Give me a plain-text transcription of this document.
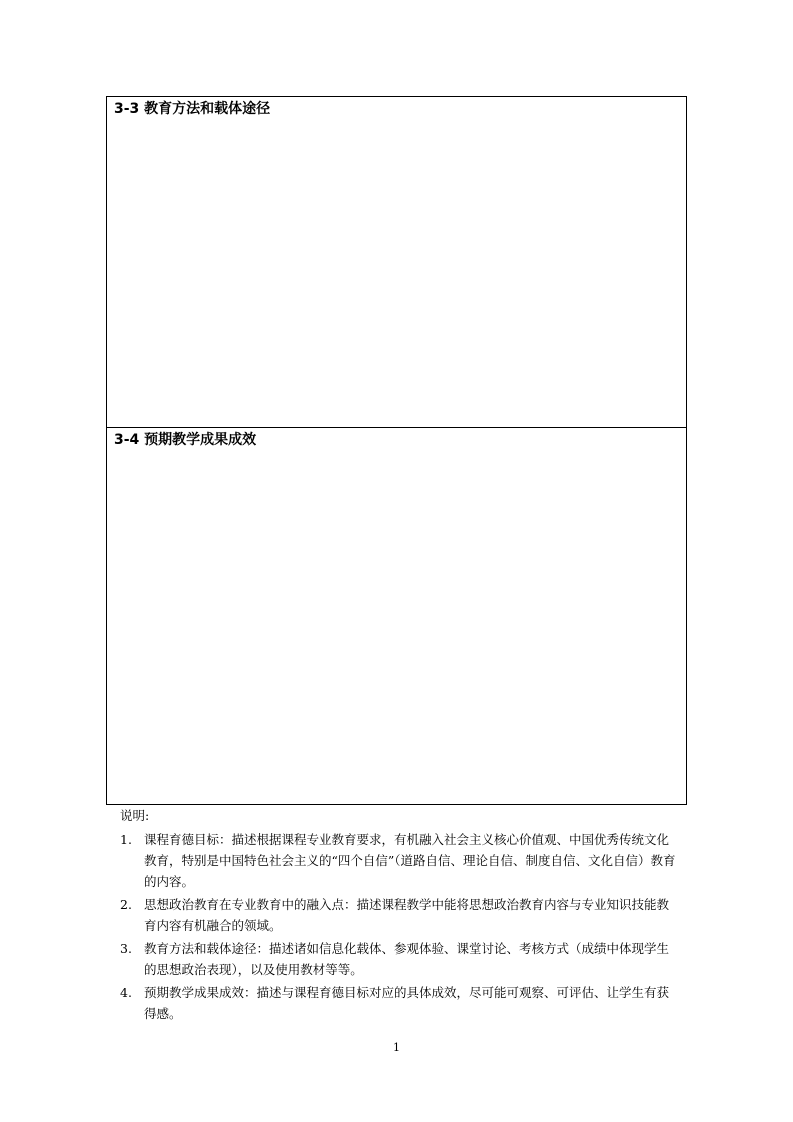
3-3 教育方法和载体途径

3-4 预期教学成果成效

说明:

1. 课程育德目标：描述根据课程专业教育要求，有机融入社会主义核心价值观、中国优秀传统文化教育，特别是中国特色社会主义的“四个自信”（道路自信、理论自信、制度自信、文化自信）教育的内容。
2. 思想政治教育在专业教育中的融入点：描述课程教学中能将思想政治教育内容与专业知识技能教育内容有机融合的领域。
3. 教育方法和载体途径：描述诸如信息化载体、参观体验、课堂讨论、考核方式（成绩中体现学生的思想政治表现），以及使用教材等等。
4. 预期教学成果成效：描述与课程育德目标对应的具体成效，尽可能可观察、可评估、让学生有获得感。
1
